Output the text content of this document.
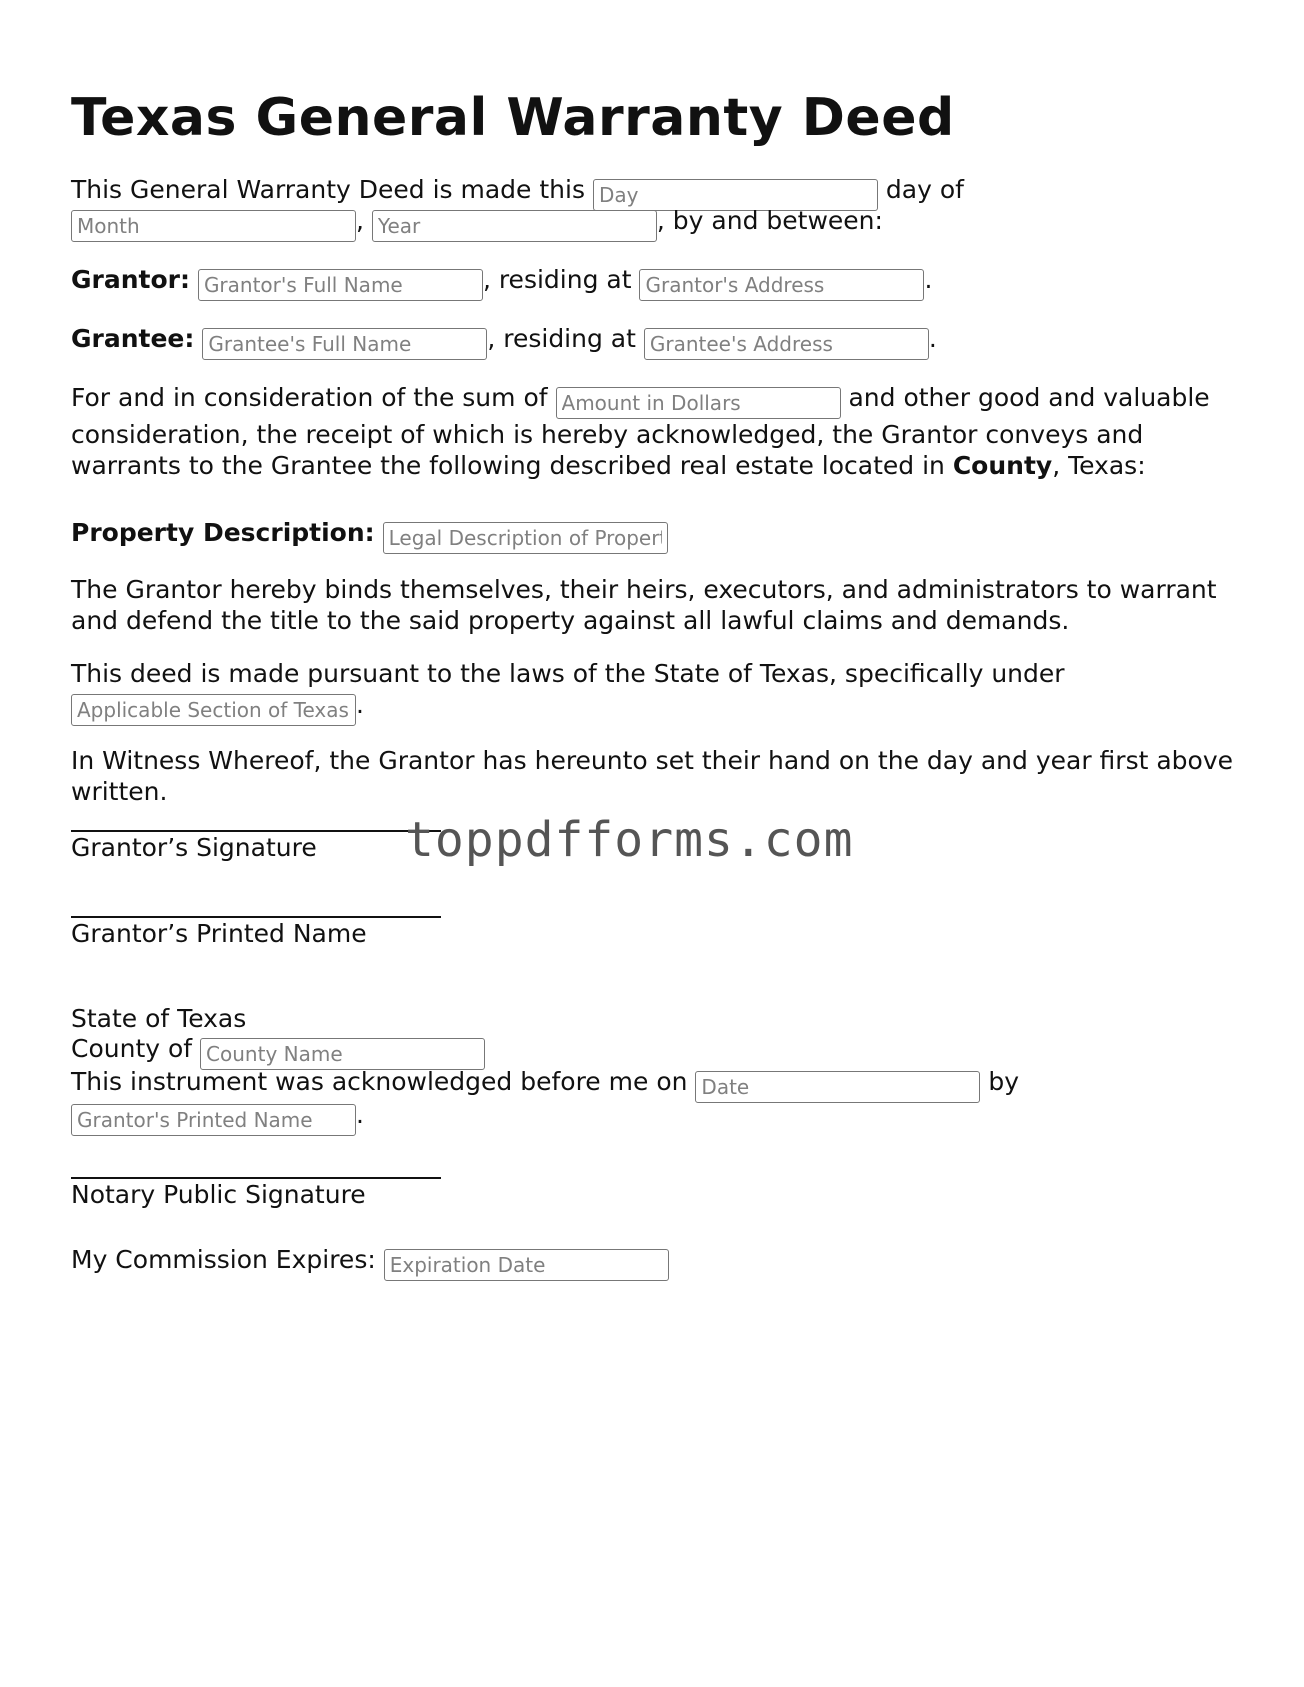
Texas General Warranty Deed
This General Warranty Deed is made this Day	day of
Month, Year	, by and between:
Grantor: Grantor's Full Name	, residing at Grantor's Address	.
Grantee: Grantee's Full Name	, residing at Grantee's Address	.
For and in consideration of the sum of Amount in Dollars	and other good and valuable consideration, the receipt of which is hereby acknowledged, the Grantor conveys and warrants to the Grantee the following described real estate located in County, Texas:
Property Description: Legal Description of Property
The Grantor hereby binds themselves, their heirs, executors, and administrators to warrant and defend the title to the said property against all lawful claims and demands.
This deed is made pursuant to the laws of the State of Texas, specifically under
Applicable Section of Texas Law.
In Witness Whereof, the Grantor has hereunto set their hand on the day and year first above written.
Grantor’s Signature
Grantor’s Printed Name
State of Texas
County of County Name
This instrument was acknowledged before me on Date	by
Grantor's Printed Name.
Notary Public Signature
My Commission Expires: Expiration Date
toppdfforms.com
